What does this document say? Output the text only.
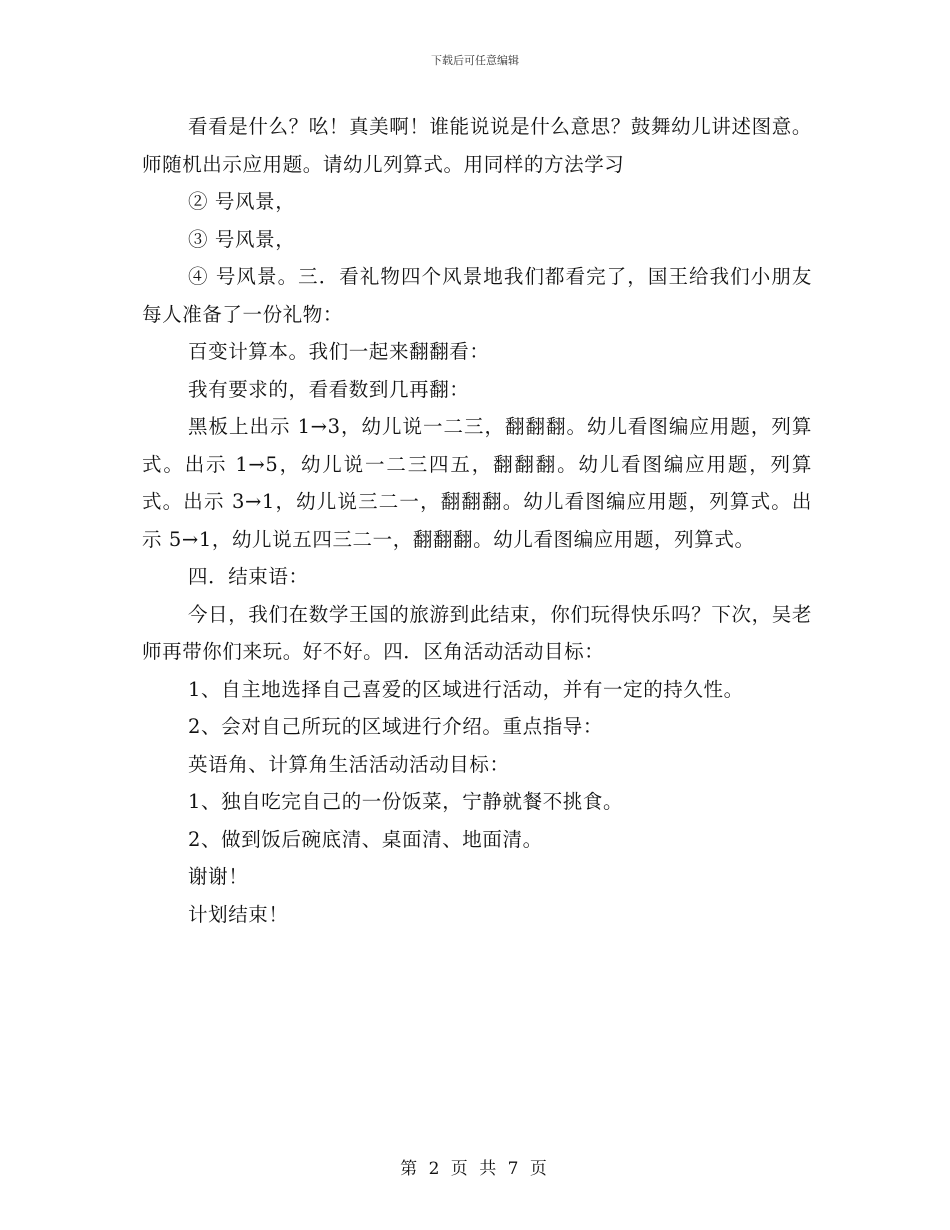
下载后可任意编辑

看看是什么？吆！真美啊！谁能说说是什么意思？鼓舞幼儿讲述图意。师随机出示应用题。请幼儿列算式。用同样的方法学习

② 号风景，

③ 号风景，

④ 号风景。三．看礼物四个风景地我们都看完了，国王给我们小朋友每人准备了一份礼物：

百变计算本。我们一起来翻翻看：

我有要求的，看看数到几再翻：

黑板上出示 1→3，幼儿说一二三，翻翻翻。幼儿看图编应用题，列算式。出示 1→5，幼儿说一二三四五，翻翻翻。幼儿看图编应用题，列算式。出示 3→1，幼儿说三二一，翻翻翻。幼儿看图编应用题，列算式。出示 5→1，幼儿说五四三二一，翻翻翻。幼儿看图编应用题，列算式。

四．结束语：

今日，我们在数学王国的旅游到此结束，你们玩得快乐吗？下次，吴老师再带你们来玩。好不好。四．区角活动活动目标：

1、自主地选择自己喜爱的区域进行活动，并有一定的持久性。

2、会对自己所玩的区域进行介绍。重点指导：

英语角、计算角生活活动活动目标：

1、独自吃完自己的一份饭菜，宁静就餐不挑食。

2、做到饭后碗底清、桌面清、地面清。

谢谢！

计划结束！

第 2 页 共 7 页
